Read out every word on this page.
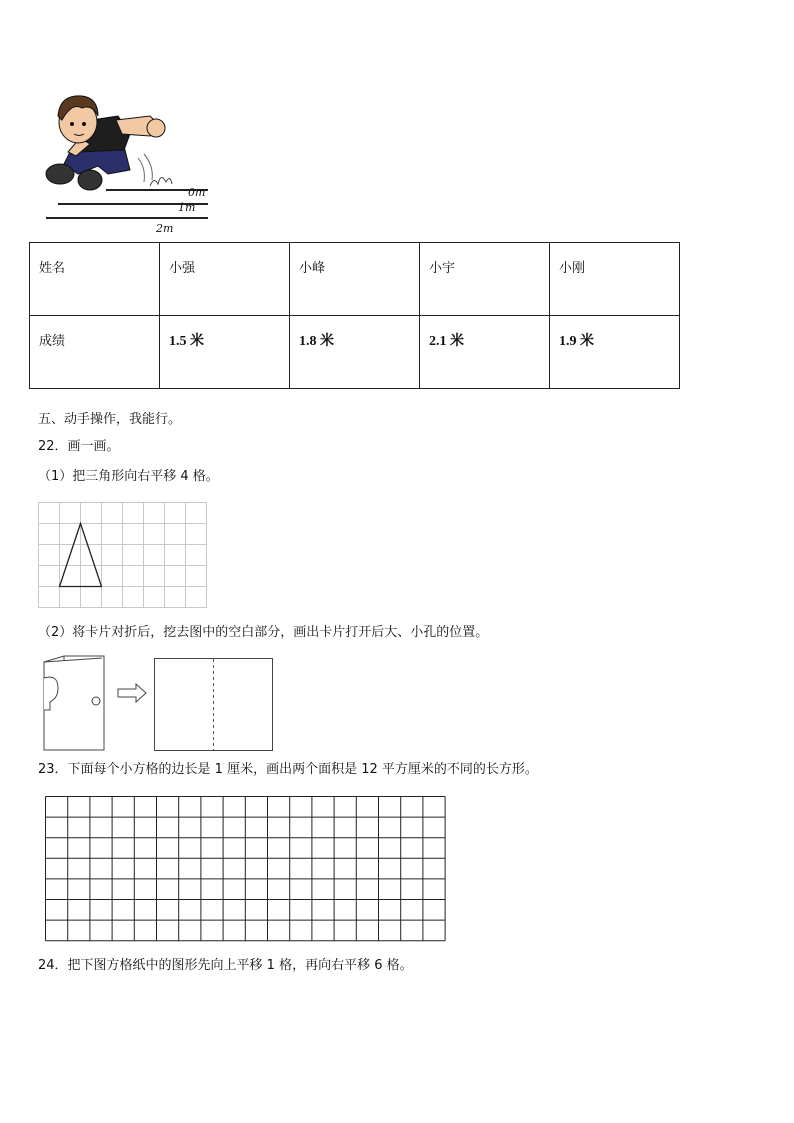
0m
1m
2m
姓名	小强	小峰	小宇	小刚
成绩	1.5 米	1.8 米	2.1 米	1.9 米
五、动手操作，我能行。
22．画一画。
（1）把三角形向右平移 4 格。
（2）将卡片对折后，挖去图中的空白部分，画出卡片打开后大、小孔的位置。
23．下面每个小方格的边长是 1 厘米，画出两个面积是 12 平方厘米的不同的长方形。
24．把下图方格纸中的图形先向上平移 1 格，再向右平移 6 格。
